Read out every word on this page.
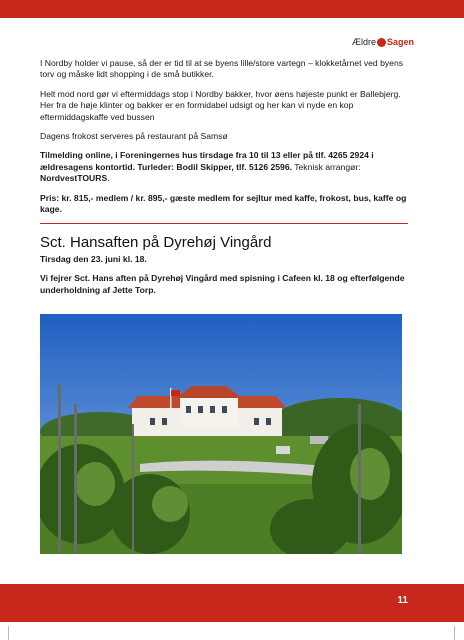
Ældre Sagen

I Nordby holder vi pause, så der er tid til at se byens lille/store vartegn – klokketårnet ved byens torv og måske lidt shopping i de små butikker.

Helt mod nord gør vi eftermiddags stop i Nordby bakker, hvor øens højeste punkt er Ballebjerg. Her fra de høje klinter og bakker er en formidabel udsigt og her kan vi nyde en kop eftermiddagskaffe ved bussen

Dagens frokost serveres på restaurant på Samsø

Tilmelding online, i Foreningernes hus tirsdage fra 10 til 13 eller på tlf. 4265 2924 i ældresagens kontortid. Turleder: Bodil Skipper, tlf. 5126 2596. Teknisk arrangør: NordvestTOURS.

Pris: kr. 815,- medlem / kr. 895,- gæste medlem for sejltur med kaffe, frokost, bus, kaffe og kage.

Sct. Hansaften på Dyrehøj Vingård
Tirsdag den 23. juni kl. 18.

Vi fejrer Sct. Hans aften på Dyrehøj Vingård med spisning i Cafeen kl. 18 og efterfølgende underholdning af Jette Torp.

11
